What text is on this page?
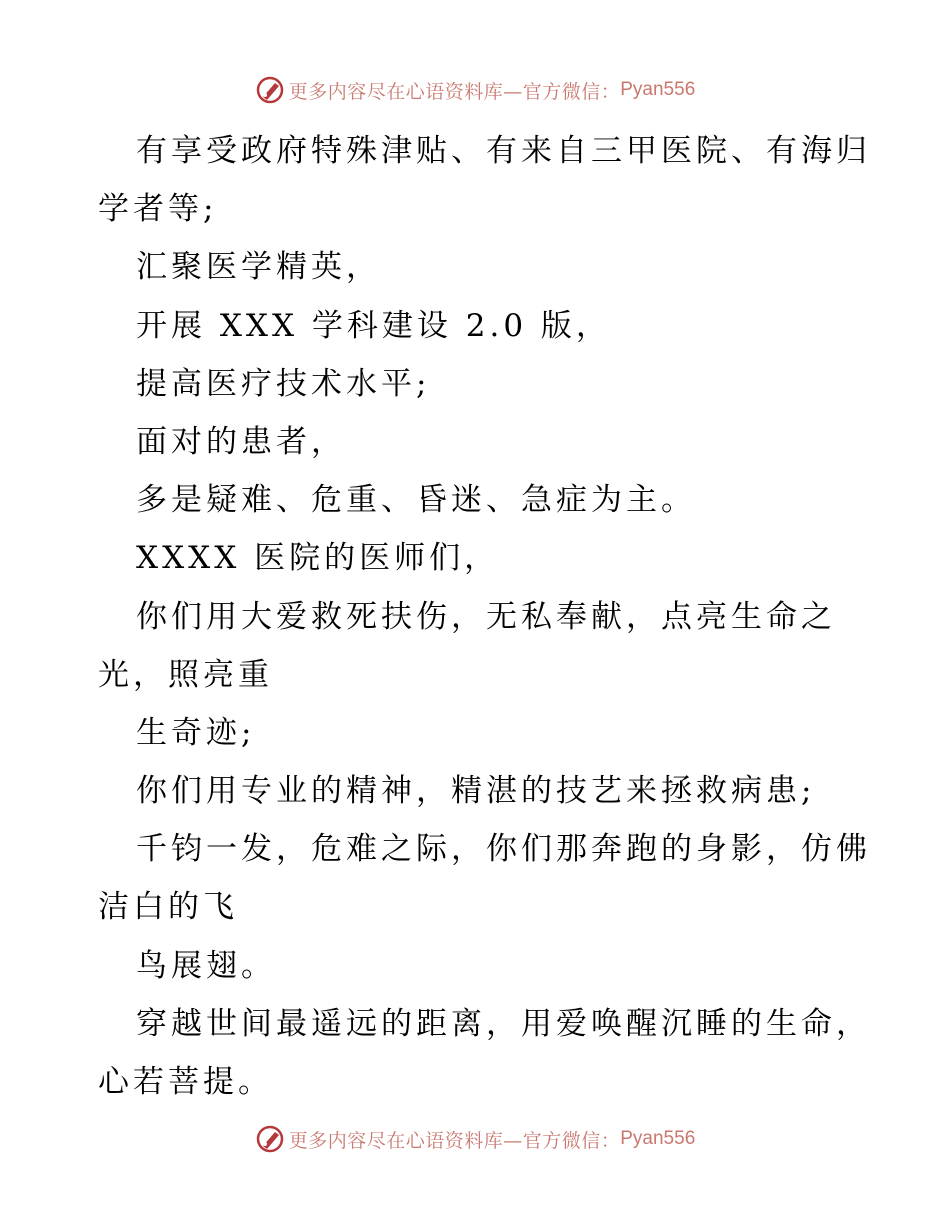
更多内容尽在心语资料库—官方微信： Pyan556
有享受政府特殊津贴、有来自三甲医院、有海归
学者等;
汇聚医学精英，
开展 XXX 学科建设 2.0 版，
提高医疗技术水平;
面对的患者，
多是疑难、危重、昏迷、急症为主。
XXXX 医院的医师们，
你们用大爱救死扶伤，无私奉献，点亮生命之
光，照亮重
生奇迹;
你们用专业的精神，精湛的技艺来拯救病患;
千钧一发，危难之际，你们那奔跑的身影，仿佛
洁白的飞
鸟展翅。
穿越世间最遥远的距离，用爱唤醒沉睡的生命，
心若菩提。
更多内容尽在心语资料库—官方微信： Pyan556
